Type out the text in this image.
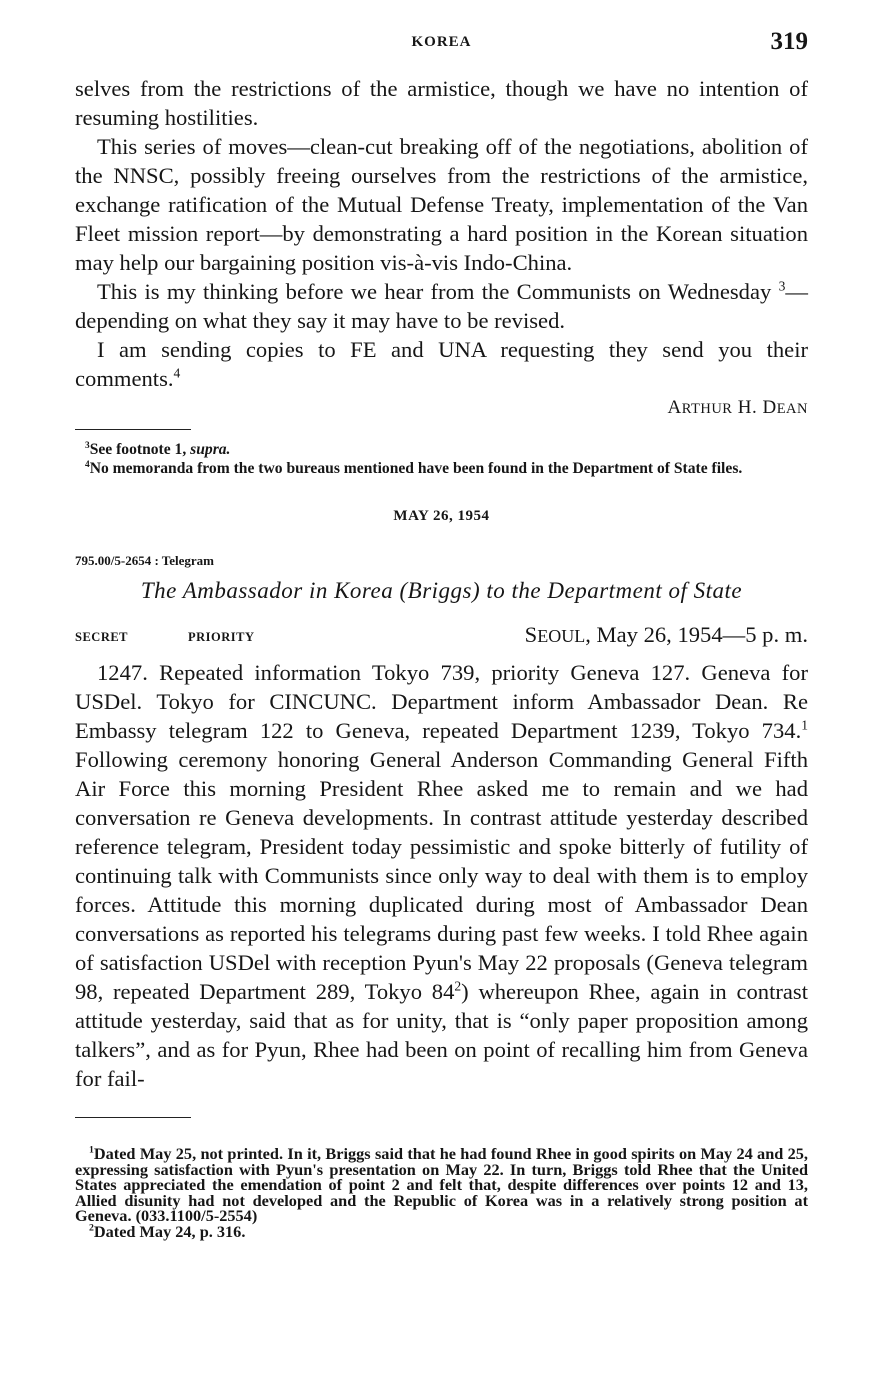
KOREA	319

selves from the restrictions of the armistice, though we have no intention of resuming hostilities.

This series of moves—clean-cut breaking off of the negotiations, abolition of the NNSC, possibly freeing ourselves from the restrictions of the armistice, exchange ratification of the Mutual Defense Treaty, implementation of the Van Fleet mission report—by demonstrating a hard position in the Korean situation may help our bargaining position vis-à-vis Indo-China.

This is my thinking before we hear from the Communists on Wednesday $^3$—depending on what they say it may have to be revised.

I am sending copies to FE and UNA requesting they send you their comments.$^4$

ARTHUR H. DEAN

$^3$See footnote 1, supra.

$^4$No memoranda from the two bureaus mentioned have been found in the Department of State files.

MAY 26, 1954
795.00/5-2654 : Telegram
The Ambassador in Korea (Briggs) to the Department of State
SECRET	PRIORITY	SEOUL, May 26, 1954—5 p. m.

1247. Repeated information Tokyo 739, priority Geneva 127. Geneva for USDel. Tokyo for CINCUNC. Department inform Ambassador Dean. Re Embassy telegram 122 to Geneva, repeated Department 1239, Tokyo 734.$^1$ Following ceremony honoring General Anderson Commanding General Fifth Air Force this morning President Rhee asked me to remain and we had conversation re Geneva developments. In contrast attitude yesterday described reference telegram, President today pessimistic and spoke bitterly of futility of continuing talk with Communists since only way to deal with them is to employ forces. Attitude this morning duplicated during most of Ambassador Dean conversations as reported his telegrams during past few weeks. I told Rhee again of satisfaction USDel with reception Pyun's May 22 proposals (Geneva telegram 98, repeated Department 289, Tokyo $84^2$) whereupon Rhee, again in contrast attitude yesterday, said that as for unity, that is “only paper proposition among talkers”, and as for Pyun, Rhee had been on point of recalling him from Geneva for fail-

$^1$Dated May 25, not printed. In it, Briggs said that he had found Rhee in good spirits on May 24 and 25, expressing satisfaction with Pyun's presentation on May 22. In turn, Briggs told Rhee that the United States appreciated the emendation of point 2 and felt that, despite differences over points 12 and 13, Allied disunity had not developed and the Republic of Korea was in a relatively strong position at Geneva. (033.1100/5-2554)

$^2$Dated May 24, p. 316.
